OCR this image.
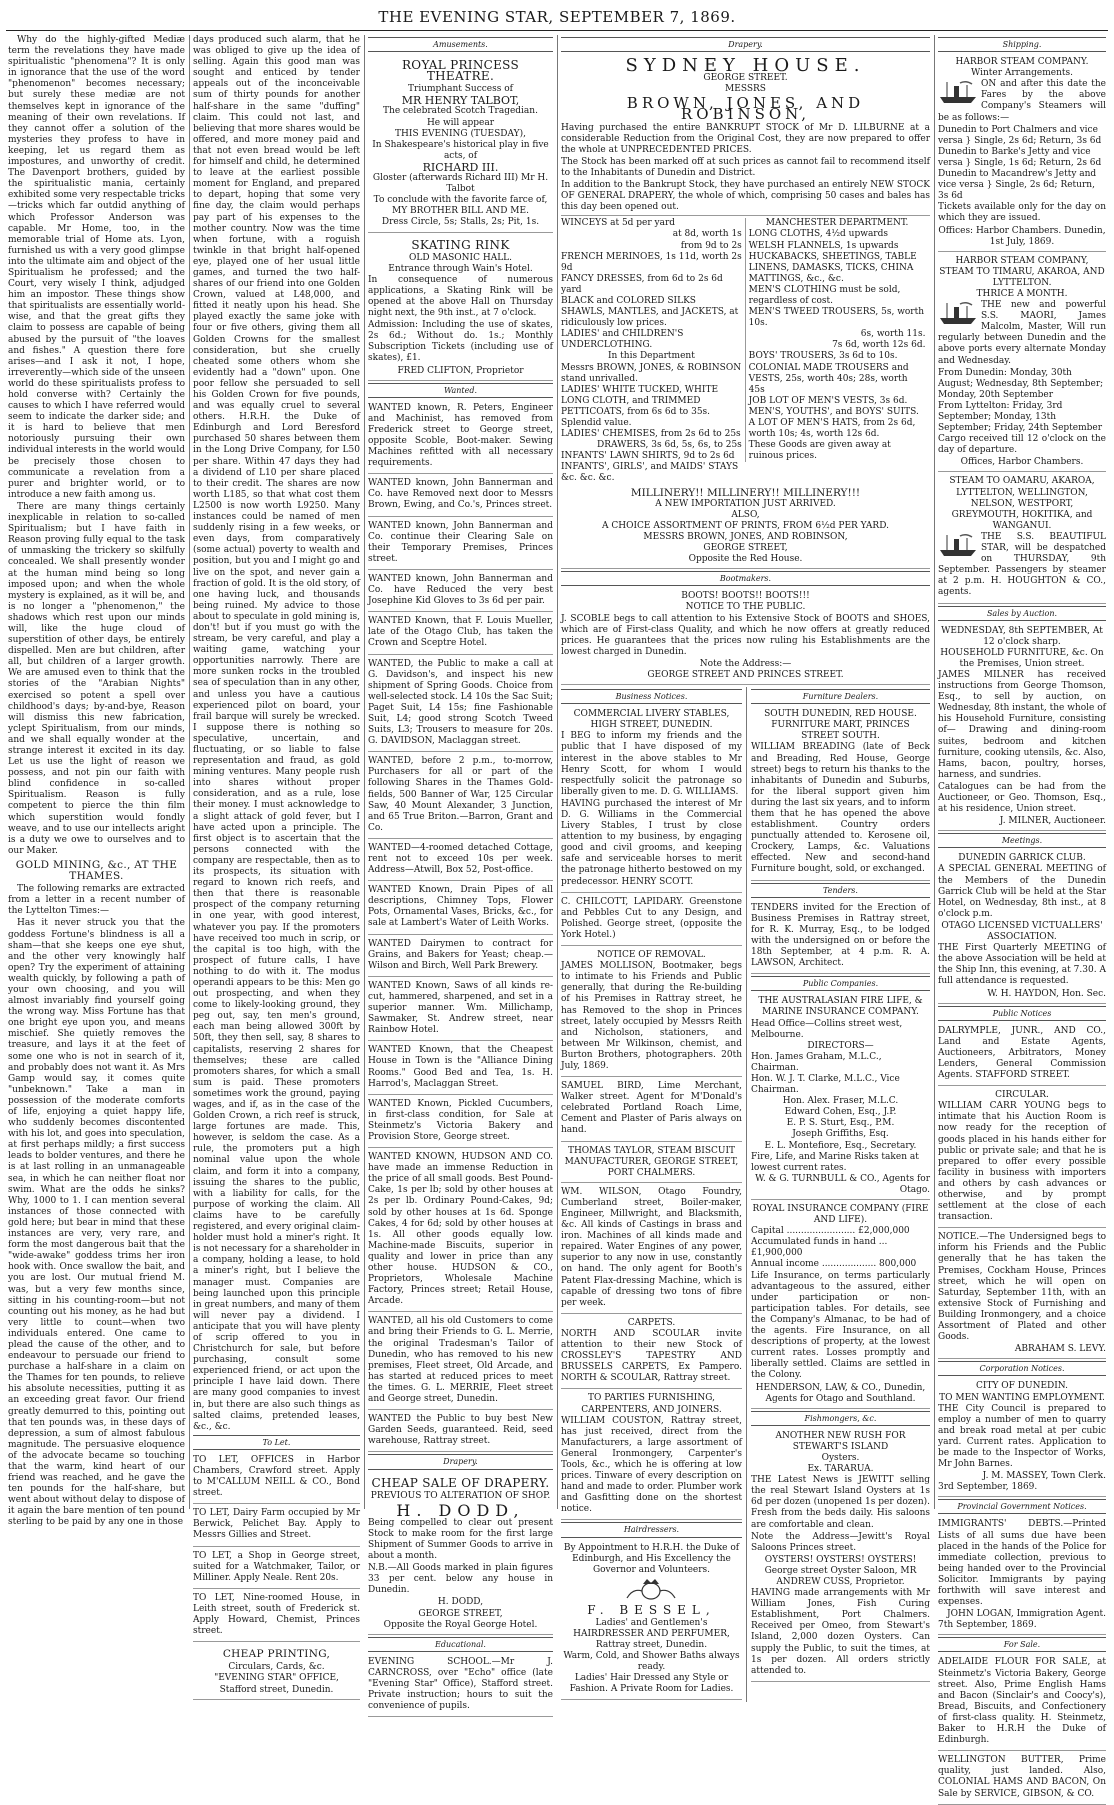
THE EVENING STAR, SEPTEMBER 7, 1869.

Why do the highly-gifted Mediæ term the revelations they have made spiritualistic "phenomena"? It is only in ignorance that the use of the word "phenomenon" becomes necessary; but surely these mediæ are not themselves kept in ignorance of the meaning of their own revelations. If they cannot offer a solution of the mysteries they profess to have in keeping, let us regard them as impostures, and unworthy of credit. The Davenport brothers, guided by the spiritualistic mania, certainly exhibited some very respectable tricks—tricks which far outdid anything of which Professor Anderson was capable. Mr Home, too, in the memorable trial of Home ats. Lyon, furnished us with a very good glimpse into the ultimate aim and object of the Spiritualism he professed; and the Court, very wisely I think, adjudged him an impostor. These things show that spiritualists are essentially world-wise, and that the great gifts they claim to possess are capable of being abused by the pursuit of "the loaves and fishes." A question there fore arises—and I ask it not, I hope, irreverently—which side of the unseen world do these spiritualists profess to hold converse with? Certainly the causes to which I have referred would seem to indicate the darker side; and it is hard to believe that men notoriously pursuing their own individual interests in the world would be precisely those chosen to communicate a revelation from a purer and brighter world, or to introduce a new faith among us.

There are many things certainly inexplicable in relation to so-called Spiritualism; but I have faith in Reason proving fully equal to the task of unmasking the trickery so skilfully concealed. We shall presently wonder at the human mind being so long imposed upon; and when the whole mystery is explained, as it will be, and is no longer a "phenomenon," the shadows which rest upon our minds will, like the huge cloud of superstition of other days, be entirely dispelled. Men are but children, after all, but children of a larger growth. We are amused even to think that the stories of the "Arabian Nights" exercised so potent a spell over childhood's days; by-and-bye, Reason will dismiss this new fabrication, yclept Spiritualism, from our minds, and we shall equally wonder at the strange interest it excited in its day. Let us use the light of reason we possess, and not pin our faith with blind confidence in so-called Spiritualism. Reason is fully competent to pierce the thin film which superstition would fondly weave, and to use our intellects aright is a duty we owe to ourselves and to our Maker.

GOLD MINING, &c., AT THE THAMES.

The following remarks are extracted from a letter in a recent number of the Lyttelton Times:—

Has it never struck you that the goddess Fortune's blindness is all a sham—that she keeps one eye shut, and the other very knowingly half open? Try the experiment of attaining wealth quickly, by following a path of your own choosing, and you will almost invariably find yourself going the wrong way. Miss Fortune has that one bright eye upon you, and means mischief. She quietly removes the treasure, and lays it at the feet of some one who is not in search of it, and probably does not want it. As Mrs Gamp would say, it comes quite "unbeknown." Take a man in possession of the moderate comforts of life, enjoying a quiet happy life, who suddenly becomes discontented with his lot, and goes into speculation, at first perhaps mildly; a first success leads to bolder ventures, and there he is at last rolling in an unmanageable sea, in which he can neither float nor swim. What are the odds he sinks? Why, 1000 to 1. I can mention several instances of those connected with gold here; but bear in mind that these instances are very, very rare, and form the most dangerous bait that the "wide-awake" goddess trims her iron hook with. Once swallow the bait, and you are lost. Our mutual friend M. was, but a very few months since, sitting in his counting-room—but not counting out his money, as he had but very little to count—when two individuals entered. One came to plead the cause of the other, and to endeavour to persuade our friend to purchase a half-share in a claim on the Thames for ten pounds, to relieve his absolute necessities, putting it as an exceeding great favor. Our friend greatly demurred to this, pointing out that ten pounds was, in these days of depression, a sum of almost fabulous magnitude. The persuasive eloquence of the advocate became so touching that the warm, kind heart of our friend was reached, and he gave the ten pounds for the half-share, but went about without delay to dispose of it again the bare mention of ten pound sterling to be paid by any one in those

days produced such alarm, that he was obliged to give up the idea of selling. Again this good man was sought and enticed by tender appeals out of the inconceivable sum of thirty pounds for another half-share in the same "duffing" claim. This could not last, and believing that more shares would be offered, and more money paid and that not even bread would be left for himself and child, he determined to leave at the earliest possible moment for England, and prepared to depart, hoping that some very fine day, the claim would perhaps pay part of his expenses to the mother country. Now was the time when fortune, with a roguish twinkle in that bright half-opened eye, played one of her usual little games, and turned the two half-shares of our friend into one Golden Crown, valued at L48,000, and fitted it neatly upon his head. She played exactly the same joke with four or five others, giving them all Golden Crowns for the smallest consideration, but she cruelly cheated some others whom she evidently had a "down" upon. One poor fellow she persuaded to sell his Golden Crown for five pounds, and was equally cruel to several others. H.R.H. the Duke of Edinburgh and Lord Beresford purchased 50 shares between them in the Long Drive Company, for L50 per share. Within 47 days they had a dividend of L10 per share placed to their credit. The shares are now worth L185, so that what cost them L2500 is now worth L9250. Many instances could be named of men suddenly rising in a few weeks, or even days, from comparatively (some actual) poverty to wealth and position, but you and I might go and live on the spot, and never gain a fraction of gold. It is the old story, of one having luck, and thousands being ruined. My advice to those about to speculate in gold mining is, don't! but if you must go with the stream, be very careful, and play a waiting game, watching your opportunities narrowly. There are more sunken rocks in the troubled sea of speculation than in any other, and unless you have a cautious experienced pilot on board, your frail barque will surely be wrecked. I suppose there is nothing so speculative, uncertain, and fluctuating, or so liable to false representation and fraud, as gold mining ventures. Many people rush into shares without proper consideration, and as a rule, lose their money. I must acknowledge to a slight attack of gold fever, but I have acted upon a principle. The first object is to ascertain that the persons connected with the company are respectable, then as to its prospects, its situation with regard to known rich reefs, and then that there is reasonable prospect of the company returning in one year, with good interest, whatever you pay. If the promoters have received too much in scrip, or the capital is too high, with the prospect of future calls, I have nothing to do with it. The modus operandi appears to be this: Men go out prospecting, and when they come to likely-looking ground, they peg out, say, ten men's ground, each man being allowed 300ft by 50ft, they then sell, say, 8 shares to capitalists, reserving 2 shares for themselves; these are called promoters shares, for which a small sum is paid. These promoters sometimes work the ground, paying wages, and if, as in the case of the Golden Crown, a rich reef is struck, large fortunes are made. This, however, is seldom the case. As a rule, the promoters put a high nominal value upon the whole claim, and form it into a company, issuing the shares to the public, with a liability for calls, for the purpose of working the claim. All claims have to be carefully registered, and every original claim-holder must hold a miner's right. It is not necessary for a shareholder in a company, holding a lease, to hold a miner's right, but I believe the manager must. Companies are being launched upon this principle in great numbers, and many of them will never pay a dividend. I anticipate that you will have plenty of scrip offered to you in Christchurch for sale, but before purchasing, consult some experienced friend, or act upon the principle I have laid down. There are many good companies to invest in, but there are also such things as salted claims, pretended leases, &c., &c.

To Let.

TO LET, OFFICES in Harbor Chambers, Crawford street. Apply to M'CALLUM NEILL & CO., Bond street.

TO LET, Dairy Farm occupied by Mr Berwick, Pelichet Bay. Apply to Messrs Gillies and Street.

TO LET, a Shop in George street, suited for a Watchmaker, Tailor, or Milliner. Apply Neale. Rent 20s.

TO LET, Nine-roomed House, in Leith street, south of Frederick st. Apply Howard, Chemist, Princes street.

CHEAP PRINTING,
Circulars, Cards, &c.
"EVENING STAR" OFFICE,
Stafford street, Dunedin.
Amusements.
ROYAL PRINCESS THEATRE.
Triumphant Success of
MR HENRY TALBOT,
The celebrated Scotch Tragedian.
He will appear
THIS EVENING (TUESDAY),
In Shakespeare's historical play in five acts, of
RICHARD III.
Gloster (afterwards Richard III) Mr H. Talbot
To conclude with the favorite farce of,
MY BROTHER BILL AND ME.
Dress Circle, 5s; Stalls, 2s; Pit, 1s.
SKATING RINK
OLD MASONIC HALL.
Entrance through Wain's Hotel.

In consequence of numerous applications, a Skating Rink will be opened at the above Hall on Thursday night next, the 9th inst., at 7 o'clock.

Admission: Including the use of skates, 2s 6d.; Without do. 1s.; Monthly Subscription Tickets (including use of skates), £1.

FRED CLIFTON, Proprietor
Wanted.

WANTED known, R. Peters, Engineer and Machinist, has removed from Frederick street to George street, opposite Scoble, Boot-maker. Sewing Machines refitted with all necessary requirements.

WANTED known, John Bannerman and Co. have Removed next door to Messrs Brown, Ewing, and Co.'s, Princes street.

WANTED known, John Bannerman and Co. continue their Clearing Sale on their Temporary Premises, Princes street.

WANTED known, John Bannerman and Co. have Reduced the very best Josephine Kid Gloves to 3s 6d per pair.

WANTED Known, that F. Louis Mueller, late of the Otago Club, has taken the Crown and Sceptre Hotel.

WANTED, the Public to make a call at G. Davidson's, and inspect his new shipment of Spring Goods. Choice from well-selected stock. L4 10s the Sac Suit; Paget Suit, L4 15s; fine Fashionable Suit, L4; good strong Scotch Tweed Suits, L3; Trousers to measure for 20s. G. DAVIDSON, Maclaggan street.

WANTED, before 2 p.m., to-morrow, Purchasers for all or part of the following Shares in the Thames Gold-fields, 500 Banner of War, 125 Circular Saw, 40 Mount Alexander, 3 Junction, and 65 True Briton.—Barron, Grant and Co.

WANTED—4-roomed detached Cottage, rent not to exceed 10s per week. Address—Atwill, Box 52, Post-office.

WANTED Known, Drain Pipes of all descriptions, Chimney Tops, Flower Pots, Ornamental Vases, Bricks, &c., for sale at Lambert's Water of Leith Works.

WANTED Dairymen to contract for Grains, and Bakers for Yeast; cheap.—Wilson and Birch, Well Park Brewery.

WANTED Known, Saws of all kinds re-cut, hammered, sharpened, and set in a superior manner. Wm. Millichamp, Sawmaker, St. Andrew street, near Rainbow Hotel.

WANTED Known, that the Cheapest House in Town is the "Alliance Dining Rooms." Good Bed and Tea, 1s. H. Harrod's, Maclaggan Street.

WANTED Known, Pickled Cucumbers, in first-class condition, for Sale at Steinmetz's Victoria Bakery and Provision Store, George street.

WANTED KNOWN, HUDSON AND CO. have made an immense Reduction in the price of all small goods. Best Pound-Cake, 1s per lb; sold by other houses at 2s per lb. Ordinary Pound-Cakes, 9d; sold by other houses at 1s 6d. Sponge Cakes, 4 for 6d; sold by other houses at 1s. All other goods equally low. Machine-made Biscuits, superior in quality and lower in price than any other house. HUDSON & CO., Proprietors, Wholesale Machine Factory, Princes street; Retail House, Arcade.

WANTED, all his old Customers to come and bring their Friends to G. L. Merrie, the original Tradesman's Tailor of Dunedin, who has removed to his new premises, Fleet street, Old Arcade, and has started at reduced prices to meet the times. G. L. MERRIE, Fleet street and George street, Dunedin.

WANTED the Public to buy best New Garden Seeds, guaranteed. Reid, seed warehouse, Rattray street.

Drapery.
CHEAP SALE OF DRAPERY.
PREVIOUS TO ALTERATION OF SHOP.
H. DODD,

Being compelled to clear out present Stock to make room for the first large Shipment of Summer Goods to arrive in about a month.

N.B.—All Goods marked in plain figures 33 per cent. below any house in Dunedin.

H. DODD,
GEORGE STREET,
Opposite the Royal George Hotel.
Educational.

EVENING SCHOOL.—Mr J. CARNCROSS, over "Echo" office (late "Evening Star" Office), Stafford street. Private instruction; hours to suit the convenience of pupils.

Drapery.
SYDNEY HOUSE.
GEORGE STREET.
MESSRS
BROWN, JONES, AND ROBINSON,

Having purchased the entire BANKRUPT STOCK of Mr D. LILBURNE at a considerable Reduction from the Original Cost, they are now prepared to offer the whole at UNPRECEDENTED PRICES.

The Stock has been marked off at such prices as cannot fail to recommend itself to the Inhabitants of Dunedin and District.

In addition to the Bankrupt Stock, they have purchased an entirely NEW STOCK OF GENERAL DRAPERY, the whole of which, comprising 50 cases and bales has this day been opened out.

WINCEYS at 5d per yard
at 8d, worth 1s
from 9d to 2s
FRENCH MERINOES, 1s 11d, worth 2s 9d
FANCY DRESSES, from 6d to 2s 6d yard
BLACK and COLORED SILKS
SHAWLS, MANTLES, and JACKETS, at ridiculously low prices.
LADIES' and CHILDREN'S UNDERCLOTHING.
In this Department
Messrs BROWN, JONES, & ROBINSON stand unrivalled.
LADIES' WHITE TUCKED, WHITE LONG CLOTH, and TRIMMED PETTICOATS, from 6s 6d to 35s. Splendid value.
LADIES' CHEMISES, from 2s 6d to 25s
DRAWERS, 3s 6d, 5s, 6s, to 25s
INFANTS' LAWN SHIRTS, 9d to 2s 6d
INFANTS', GIRLS', and MAIDS' STAYS &c. &c. &c.

MANCHESTER DEPARTMENT.
LONG CLOTHS, 4½d upwards
WELSH FLANNELS, 1s upwards
HUCKABACKS, SHEETINGS, TABLE LINENS, DAMASKS, TICKS, CHINA MATTINGS, &c., &c.
MEN'S CLOTHING must be sold, regardless of cost.
MEN'S TWEED TROUSERS, 5s, worth 10s.
6s, worth 11s.
7s 6d, worth 12s 6d.
BOYS' TROUSERS, 3s 6d to 10s.
COLONIAL MADE TROUSERS and VESTS, 25s, worth 40s; 28s, worth 45s
JOB LOT OF MEN'S VESTS, 3s 6d.
MEN'S, YOUTHS', and BOYS' SUITS.
A LOT OF MEN'S HATS, from 2s 6d, worth 10s; 4s, worth 12s 6d.
These Goods are given away at ruinous prices.
MILLINERY!! MILLINERY!! MILLINERY!!!
A NEW IMPORTATION JUST ARRIVED.
ALSO,
A CHOICE ASSORTMENT OF PRINTS, FROM 6½d PER YARD.
MESSRS BROWN, JONES, AND ROBINSON,
GEORGE STREET,
Opposite the Red House.
Bootmakers.
BOOTS! BOOTS!! BOOTS!!!
NOTICE TO THE PUBLIC.

J. SCOBLE begs to call attention to his Extensive Stock of BOOTS and SHOES, which are of First-class Quality, and which he now offers at greatly reduced prices. He guarantees that the prices now ruling his Establishments are the lowest charged in Dunedin.

Note the Address:—
GEORGE STREET AND PRINCES STREET.
Business Notices.
COMMERCIAL LIVERY STABLES, HIGH STREET, DUNEDIN.

I BEG to inform my friends and the public that I have disposed of my interest in the above stables to Mr Henry Scott, for whom I would respectfully solicit the patronage so liberally given to me. D. G. WILLIAMS.

HAVING purchased the interest of Mr D. G. Williams in the Commercial Livery Stables, I trust by close attention to my business, by engaging good and civil grooms, and keeping safe and serviceable horses to merit the patronage hitherto bestowed on my predecessor. HENRY SCOTT.

C. CHILCOTT, LAPIDARY. Greenstone and Pebbles Cut to any Design, and Polished. George street, (opposite the York Hotel.)

NOTICE OF REMOVAL.

JAMES MOLLISON, Bootmaker, begs to intimate to his Friends and Public generally, that during the Re-building of his Premises in Rattray street, he has Removed to the shop in Princes street, lately occupied by Messrs Reith and Nicholson, stationers, and between Mr Wilkinson, chemist, and Burton Brothers, photographers. 20th July, 1869.

SAMUEL BIRD, Lime Merchant, Walker street. Agent for M'Donald's celebrated Portland Roach Lime, Cement and Plaster of Paris always on hand.

THOMAS TAYLOR, STEAM BISCUIT MANUFACTURER, GEORGE STREET, PORT CHALMERS.

WM. WILSON, Otago Foundry, Cumberland street, Boiler-maker, Engineer, Millwright, and Blacksmith, &c. All kinds of Castings in brass and iron. Machines of all kinds made and repaired. Water Engines of any power, superior to any now in use, constantly on hand. The only agent for Booth's Patent Flax-dressing Machine, which is capable of dressing two tons of fibre per week.

CARPETS.

NORTH AND SCOULAR invite attention to their new Stock of CROSSLEY'S TAPESTRY AND BRUSSELS CARPETS, Ex Pampero. NORTH & SCOULAR, Rattray street.

TO PARTIES FURNISHING, CARPENTERS, AND JOINERS.

WILLIAM COUSTON, Rattray street, has just received, direct from the Manufacturers, a large assortment of General Ironmongery, Carpenter's Tools, &c., which he is offering at low prices. Tinware of every description on hand and made to order. Plumber work and Gasfitting done on the shortest notice.

Hairdressers.

By Appointment to H.R.H. the Duke of Edinburgh, and His Excellency the Governor and Volunteers.

F. BESSEL,
Ladies' and Gentlemen's HAIRDRESSER AND PERFUMER, Rattray street, Dunedin.
Warm, Cold, and Shower Baths always ready.
Ladies' Hair Dressed any Style or Fashion. A Private Room for Ladies.
Furniture Dealers.
SOUTH DUNEDIN, RED HOUSE.
FURNITURE MART, PRINCES STREET SOUTH.

WILLIAM BREADING (late of Beck and Breading, Red House, George street) begs to return his thanks to the inhabitants of Dunedin and Suburbs, for the liberal support given him during the last six years, and to inform them that he has opened the above establishment. Country orders punctually attended to. Kerosene oil, Crockery, Lamps, &c. Valuations effected. New and second-hand Furniture bought, sold, or exchanged.

Tenders.

TENDERS invited for the Erection of Business Premises in Rattray street, for R. K. Murray, Esq., to be lodged with the undersigned on or before the 18th September, at 4 p.m. R. A. LAWSON, Architect.

Public Companies.
THE AUSTRALASIAN FIRE LIFE, & MARINE INSURANCE COMPANY.
Head Office—Collins street west, Melbourne.
DIRECTORS—
Hon. James Graham, M.L.C., Chairman.
Hon. W. J. T. Clarke, M.L.C., Vice Chairman.
Hon. Alex. Fraser, M.L.C.
Edward Cohen, Esq., J.P.
E. P. S. Sturt, Esq., P.M.
Joseph Griffiths, Esq.
E. L. Montefiore, Esq., Secretary.
Fire, Life, and Marine Risks taken at lowest current rates.
W. & G. TURNBULL & CO., Agents for Otago.
ROYAL INSURANCE COMPANY (FIRE AND LIFE).
Capital ........................ £2,000,000
Accumulated funds in hand ... £1,900,000
Annual income ................... 800,000

Life Insurance, on terms particularly advantageous to the assured, either under participation or non-participation tables. For details, see the Company's Almanac, to be had of the agents. Fire Insurance, on all descriptions of property, at the lowest current rates. Losses promptly and liberally settled. Claims are settled in the Colony.

HENDERSON, LAW, & CO., Dunedin,
Agents for Otago and Southland.
Fishmongers, &c.
ANOTHER NEW RUSH FOR STEWART'S ISLAND
Oysters.
Ex. TARARUA.

THE Latest News is JEWITT selling the real Stewart Island Oysters at 1s 6d per dozen (unopened 1s per dozen). Fresh from the beds daily. His saloons are comfortable and clean.

Note the Address—Jewitt's Royal Saloons Princes street.

OYSTERS! OYSTERS! OYSTERS!
George street Oyster Saloon, MR ANDREW CUSS, Proprietor.

HAVING made arrangements with Mr William Jones, Fish Curing Establishment, Port Chalmers. Received per Omeo, from Stewart's Island, 2,000 dozen Oysters. Can supply the Public, to suit the times, at 1s per dozen. All orders strictly attended to.

Shipping.
HARBOR STEAM COMPANY.
Winter Arrangements.

ON and after this date the Fares by the above Company's Steamers will be as follows:—

Dunedin to Port Chalmers and vice versa } Single, 2s 6d; Return, 3s 6d
Dunedin to Barke's Jetty and vice versa } Single, 1s 6d; Return, 2s 6d
Dunedin to Macandrew's Jetty and vice versa } Single, 2s 6d; Return, 3s 6d

Tickets available only for the day on which they are issued.

Offices: Harbor Chambers. Dunedin, 1st July, 1869.
HARBOR STEAM COMPANY, STEAM TO TIMARU, AKAROA, AND LYTTELTON.
THRICE A MONTH.

THE new and powerful S.S. MAORI, James Malcolm, Master, Will run regularly between Dunedin and the above ports every alternate Monday and Wednesday.

From Dunedin: Monday, 30th August; Wednesday, 8th September; Monday, 20th September
From Lyttelton: Friday, 3rd September; Monday, 13th September; Friday, 24th September

Cargo received till 12 o'clock on the day of departure.

Offices, Harbor Chambers.
STEAM TO OAMARU, AKAROA, LYTTELTON, WELLINGTON, NELSON, WESTPORT, GREYMOUTH, HOKITIKA, and WANGANUI.

THE S.S. BEAUTIFUL STAR, will be despatched on THURSDAY, 9th September. Passengers by steamer at 2 p.m. H. HOUGHTON & CO., agents.

Sales by Auction.
WEDNESDAY, 8th SEPTEMBER, At 12 o'clock sharp.
HOUSEHOLD FURNITURE, &c. On the Premises, Union street.

JAMES MILNER has received instructions from George Thomson, Esq., to sell by auction, on Wednesday, 8th instant, the whole of his Household Furniture, consisting of— Drawing and dining-room suites, bedroom and kitchen furniture, cooking utensils, &c. Also, Hams, bacon, poultry, horses, harness, and sundries.

Catalogues can be had from the Auctioneer, or Geo. Thomson, Esq., at his residence, Union street.

J. MILNER, Auctioneer.
Meetings.
DUNEDIN GARRICK CLUB.

A SPECIAL GENERAL MEETING of the Members of the Dunedin Garrick Club will be held at the Star Hotel, on Wednesday, 8th inst., at 8 o'clock p.m.

OTAGO LICENSED VICTUALLERS' ASSOCIATION.

THE First Quarterly MEETING of the above Association will be held at the Ship Inn, this evening, at 7.30. A full attendance is requested.

W. H. HAYDON, Hon. Sec.
Public Notices

DALRYMPLE, JUNR., AND CO., Land and Estate Agents, Auctioneers, Arbitrators, Money Lenders, General Commission Agents. STAFFORD STREET.

CIRCULAR.

WILLIAM CARR YOUNG begs to intimate that his Auction Room is now ready for the reception of goods placed in his hands either for public or private sale; and that he is prepared to offer every possible facility in business with importers and others by cash advances or otherwise, and by prompt settlement at the close of each transaction.

NOTICE.—The Undersigned begs to inform his Friends and the Public generally that he has taken the Premises, Cockham House, Princes street, which he will open on Saturday, September 11th, with an extensive Stock of Furnishing and Building Ironmongery, and a choice Assortment of Plated and other Goods.

ABRAHAM S. LEVY.
Corporation Notices.
CITY OF DUNEDIN.
TO MEN WANTING EMPLOYMENT.

THE City Council is prepared to employ a number of men to quarry and break road metal at per cubic yard. Current rates. Application to be made to the Inspector of Works, Mr John Barnes.

J. M. MASSEY, Town Clerk.
3rd September, 1869.
Provincial Government Notices.

IMMIGRANTS' DEBTS.—Printed Lists of all sums due have been placed in the hands of the Police for immediate collection, previous to being handed over to the Provincial Solicitor. Immigrants by paying forthwith will save interest and expenses.

JOHN LOGAN, Immigration Agent.
7th September, 1869.
For Sale.

ADELAIDE FLOUR FOR SALE, at Steinmetz's Victoria Bakery, George street. Also, Prime English Hams and Bacon (Sinclair's and Coocy's), Bread, Biscuits, and Confectionery of first-class quality. H. Steinmetz, Baker to H.R.H the Duke of Edinburgh.

WELLINGTON BUTTER, Prime quality, just landed. Also, COLONIAL HAMS AND BACON, On Sale by SERVICE, GIBSON, & CO.
